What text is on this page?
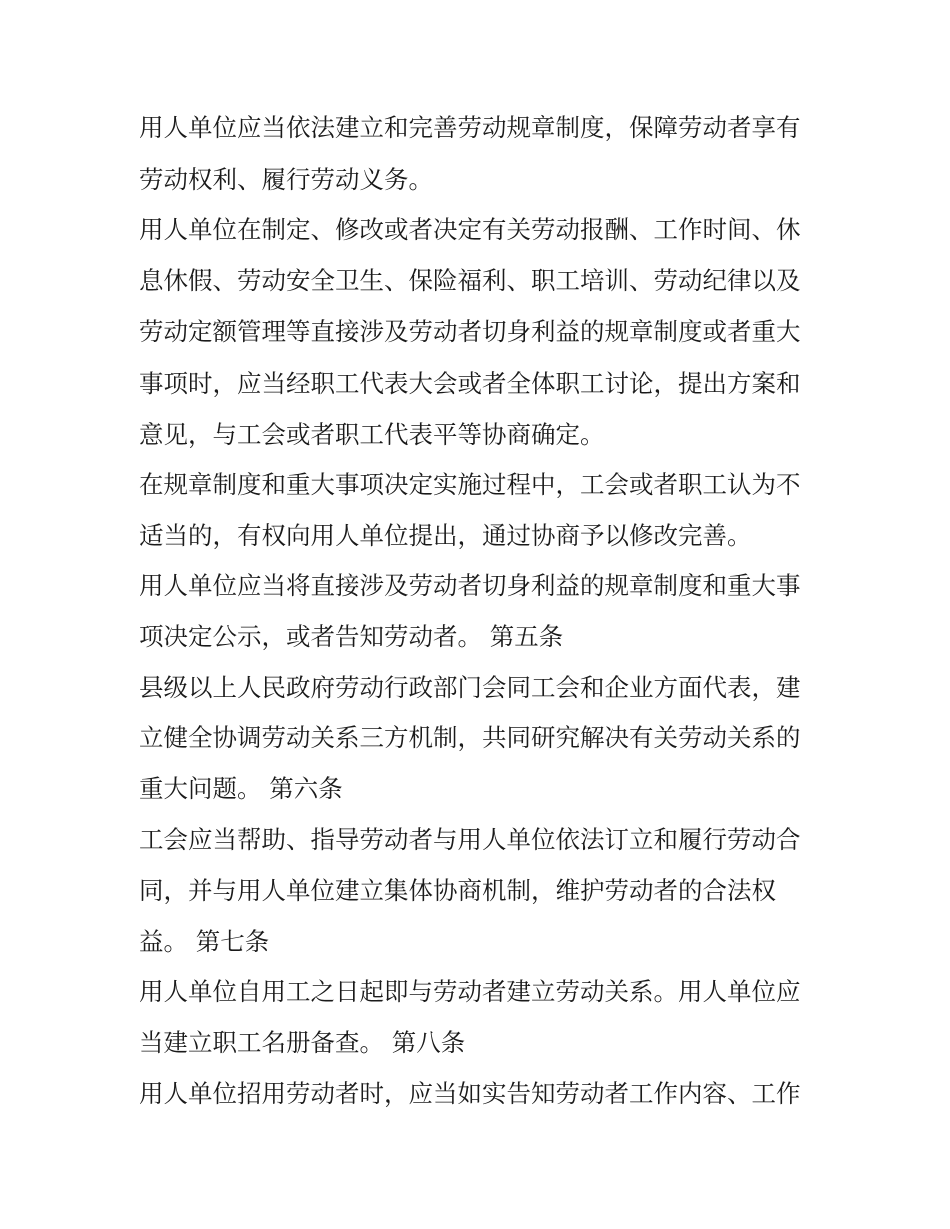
用人单位应当依法建立和完善劳动规章制度，保障劳动者享有

劳动权利、履行劳动义务。

用人单位在制定、修改或者决定有关劳动报酬、工作时间、休

息休假、劳动安全卫生、保险福利、职工培训、劳动纪律以及

劳动定额管理等直接涉及劳动者切身利益的规章制度或者重大

事项时，应当经职工代表大会或者全体职工讨论，提出方案和

意见，与工会或者职工代表平等协商确定。

在规章制度和重大事项决定实施过程中，工会或者职工认为不

适当的，有权向用人单位提出，通过协商予以修改完善。

用人单位应当将直接涉及劳动者切身利益的规章制度和重大事

项决定公示，或者告知劳动者。 第五条

县级以上人民政府劳动行政部门会同工会和企业方面代表，建

立健全协调劳动关系三方机制，共同研究解决有关劳动关系的

重大问题。 第六条

工会应当帮助、指导劳动者与用人单位依法订立和履行劳动合

同，并与用人单位建立集体协商机制，维护劳动者的合法权

益。 第七条

用人单位自用工之日起即与劳动者建立劳动关系。用人单位应

当建立职工名册备查。 第八条

用人单位招用劳动者时，应当如实告知劳动者工作内容、工作
